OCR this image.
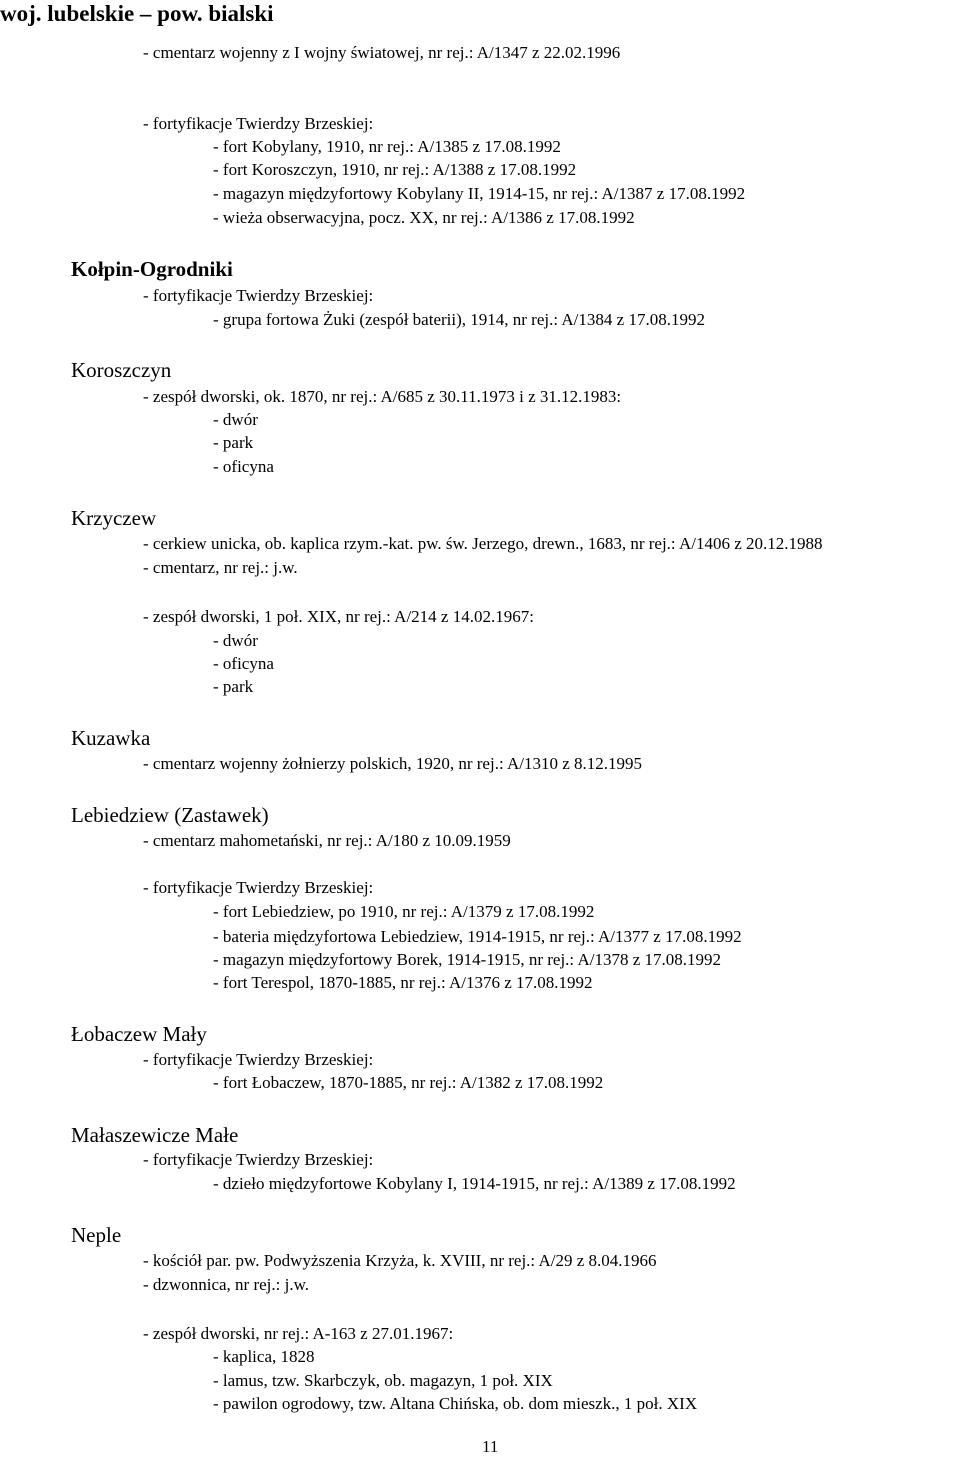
woj. lubelskie – pow. bialski
- cmentarz wojenny z I wojny światowej, nr rej.: A/1347 z 22.02.1996
- fortyfikacje Twierdzy Brzeskiej:
- fort Kobylany, 1910, nr rej.: A/1385 z 17.08.1992
- fort Koroszczyn, 1910, nr rej.: A/1388 z 17.08.1992
- magazyn międzyfortowy Kobylany II, 1914-15, nr rej.: A/1387 z 17.08.1992
- wieża obserwacyjna, pocz. XX, nr rej.: A/1386 z 17.08.1992
Kołpin-Ogrodniki
- fortyfikacje Twierdzy Brzeskiej:
- grupa fortowa Żuki (zespół baterii), 1914, nr rej.: A/1384 z 17.08.1992
Koroszczyn
- zespół dworski, ok. 1870, nr rej.: A/685 z 30.11.1973 i z 31.12.1983:
- dwór
- park
- oficyna
Krzyczew
- cerkiew unicka, ob. kaplica rzym.-kat. pw. św. Jerzego, drewn., 1683, nr rej.: A/1406 z 20.12.1988
- cmentarz, nr rej.: j.w.
- zespół dworski, 1 poł. XIX, nr rej.: A/214 z 14.02.1967:
- dwór
- oficyna
- park
Kuzawka
- cmentarz wojenny żołnierzy polskich, 1920, nr rej.: A/1310 z 8.12.1995
Lebiedziew (Zastawek)
- cmentarz mahometański, nr rej.: A/180 z 10.09.1959
- fortyfikacje Twierdzy Brzeskiej:
- fort Lebiedziew, po 1910, nr rej.: A/1379 z 17.08.1992
- bateria międzyfortowa Lebiedziew, 1914-1915, nr rej.: A/1377 z 17.08.1992
- magazyn międzyfortowy Borek, 1914-1915, nr rej.: A/1378 z 17.08.1992
- fort Terespol, 1870-1885, nr rej.: A/1376 z 17.08.1992
Łobaczew Mały
- fortyfikacje Twierdzy Brzeskiej:
- fort Łobaczew, 1870-1885, nr rej.: A/1382 z 17.08.1992
Małaszewicze Małe
- fortyfikacje Twierdzy Brzeskiej:
- dzieło międzyfortowe Kobylany I, 1914-1915, nr rej.: A/1389 z 17.08.1992
Neple
- kościół par. pw. Podwyższenia Krzyża, k. XVIII, nr rej.: A/29 z 8.04.1966
- dzwonnica, nr rej.: j.w.
- zespół dworski, nr rej.: A-163 z 27.01.1967:
- kaplica, 1828
- lamus, tzw. Skarbczyk, ob. magazyn, 1 poł. XIX
- pawilon ogrodowy, tzw. Altana Chińska, ob. dom mieszk., 1 poł. XIX
11
